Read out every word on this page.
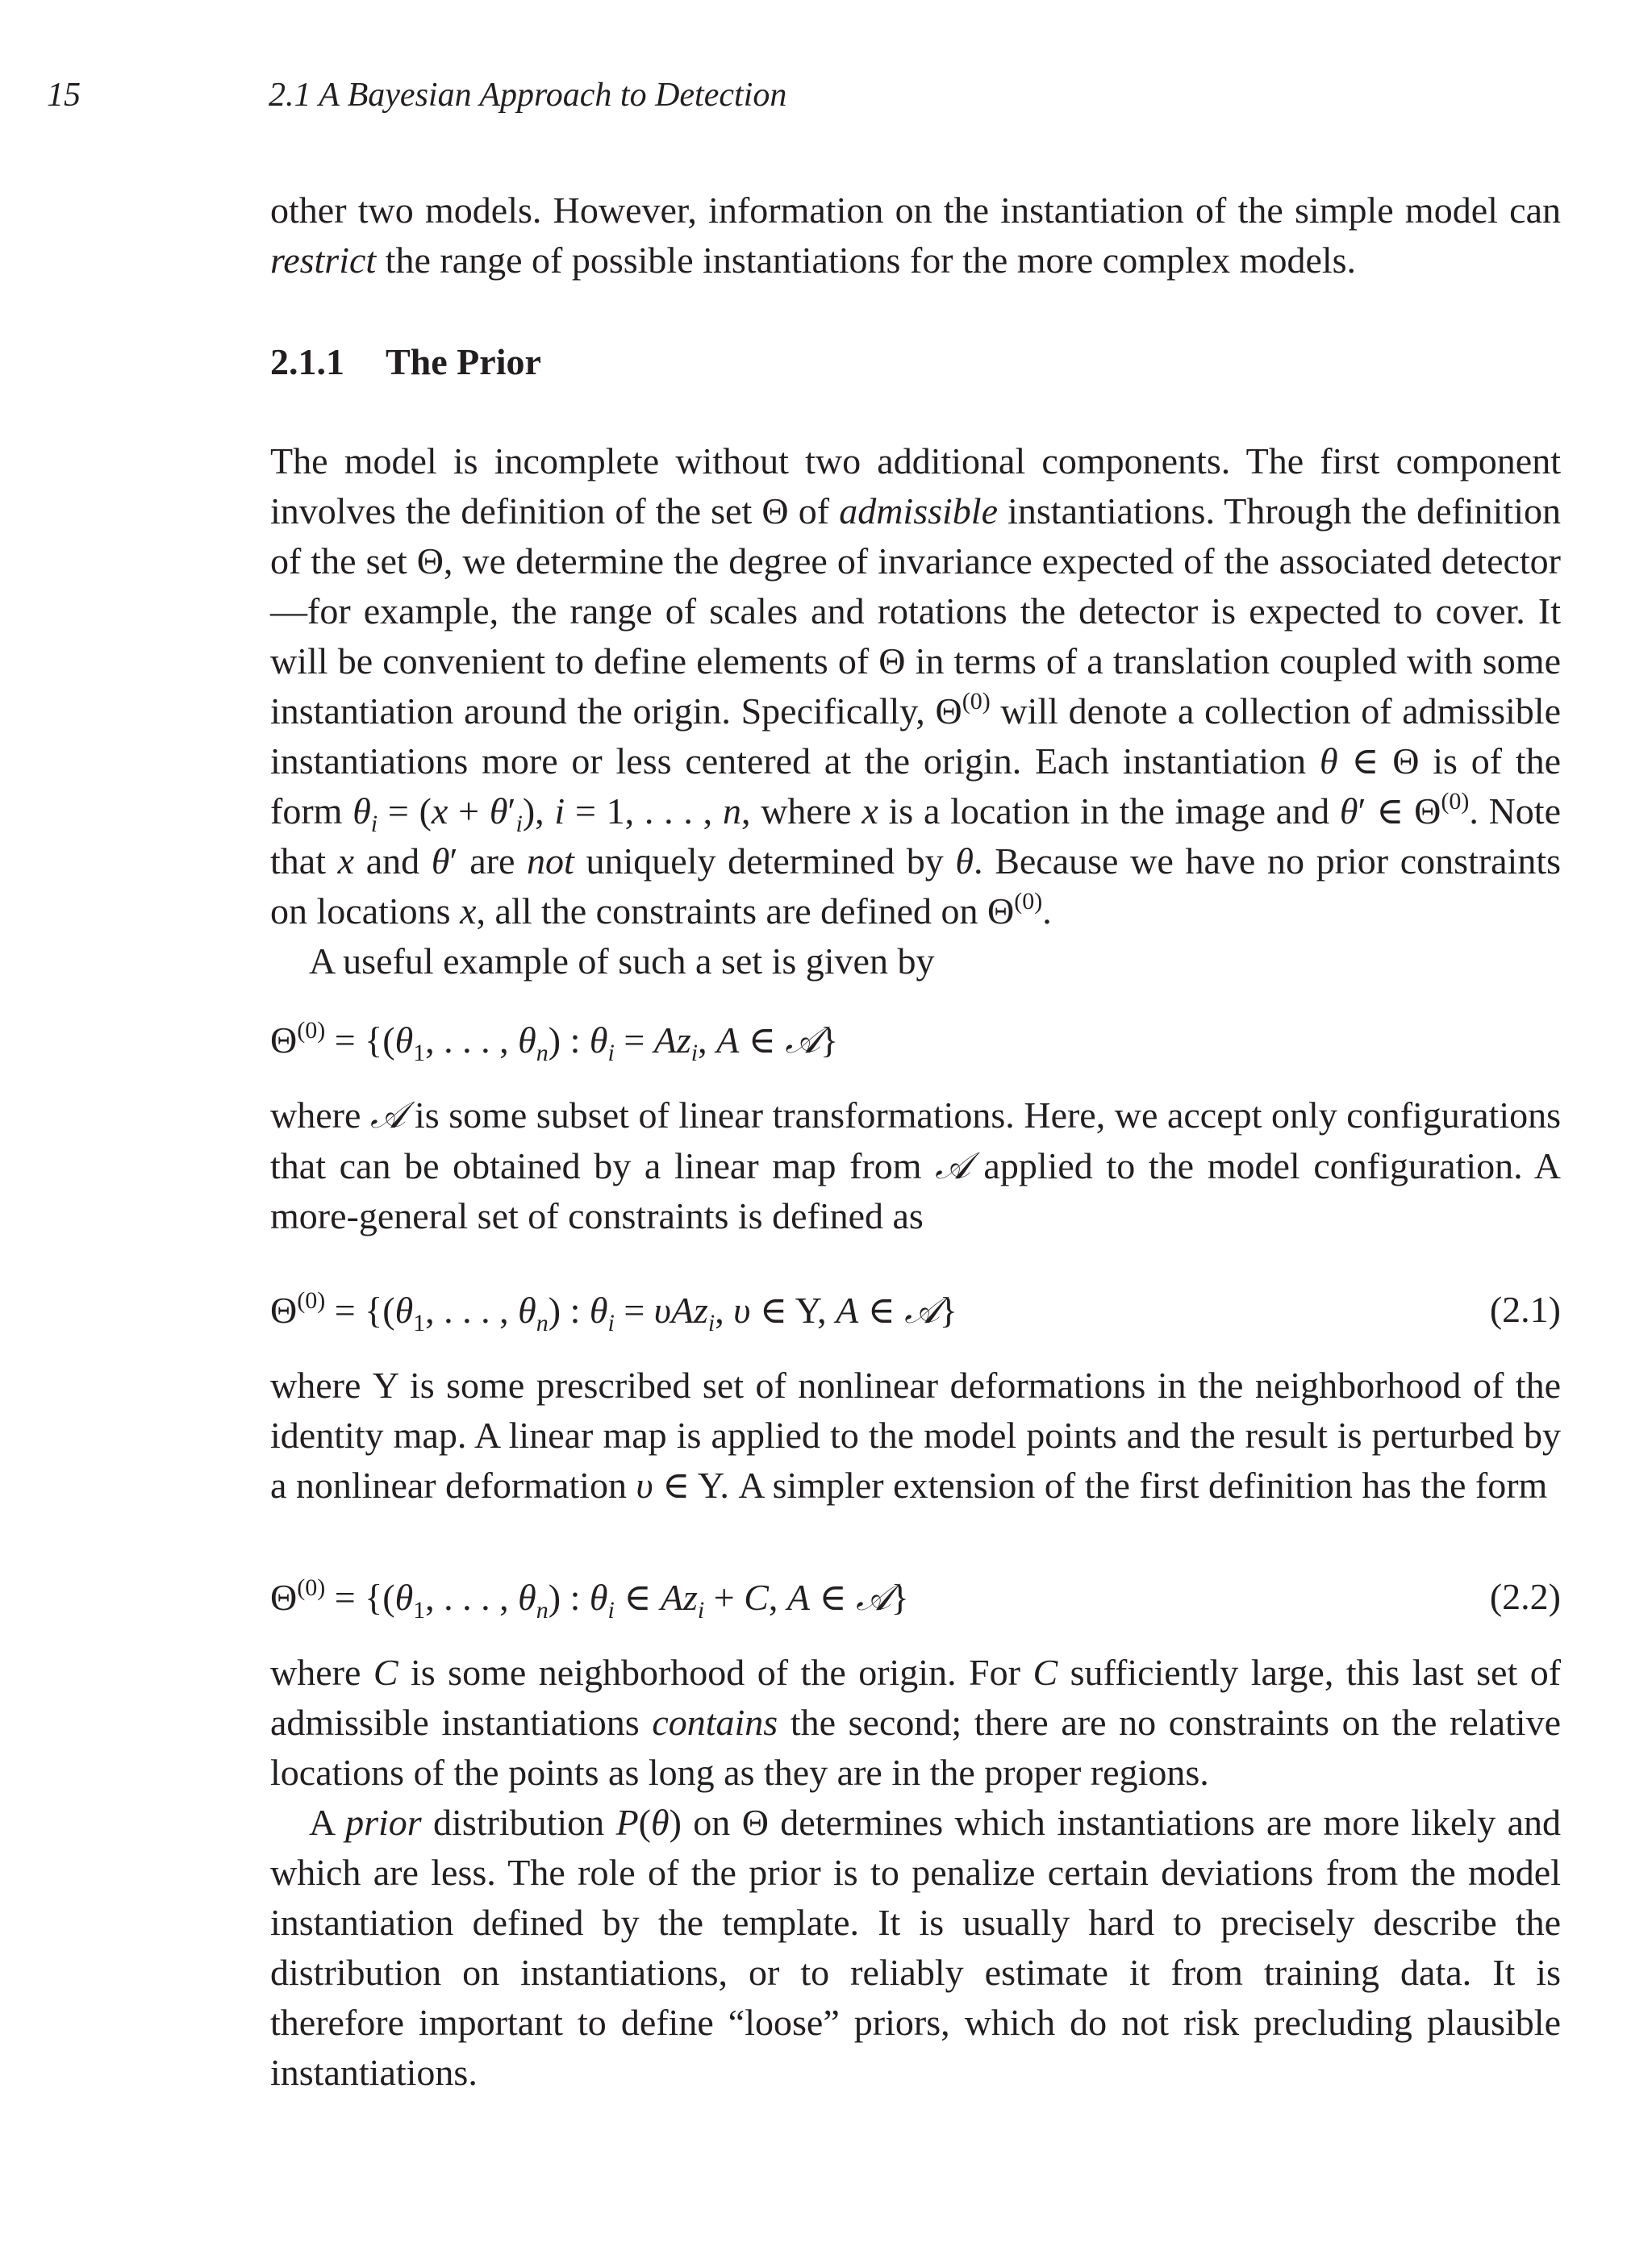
15	2.1 A Bayesian Approach to Detection

other two models. However, information on the instantiation of the simple model can restrict the range of possible instantiations for the more complex models.

2.1.1 The Prior

The model is incomplete without two additional components. The first component involves the definition of the set Θ of admissible instantiations. Through the definition of the set Θ, we determine the degree of invariance expected of the associated detector—for example, the range of scales and rotations the detector is expected to cover. It will be convenient to define elements of Θ in terms of a translation coupled with some instantiation around the origin. Specifically, $\Theta^{(0)}$ will denote a collection of admissible instantiations more or less centered at the origin. Each instantiation θ ∈ Θ is of the form $\theta_i = (x + \theta'_i)$, i = 1, . . . , n, where x is a location in the image and θ′ ∈ $\Theta^{(0)}$. Note that x and θ′ are not uniquely determined by θ. Because we have no prior constraints on locations x, all the constraints are defined on $\Theta^{(0)}$.

A useful example of such a set is given by

$\Theta^{(0)} = \{(\theta_1$, . . . , $\theta_n$) : $\theta_i = Az_i$, A ∈ 𝒜}

where 𝒜 is some subset of linear transformations. Here, we accept only configurations that can be obtained by a linear map from 𝒜 applied to the model configuration. A more-general set of constraints is defined as

$\Theta^{(0)} = \{(\theta_1$, . . . , $\theta_n$) : $\theta_i = \upsilon Az_i$, υ ∈ Υ, A ∈ 𝒜}	(2.1)

where Υ is some prescribed set of nonlinear deformations in the neighborhood of the identity map. A linear map is applied to the model points and the result is perturbed by a nonlinear deformation υ ∈ Υ. A simpler extension of the first definition has the form

$\Theta^{(0)} = \{(\theta_1$, . . . , $\theta_n$) : $\theta_i$ ∈ $Az_i + C$, A ∈ 𝒜}	(2.2)

where C is some neighborhood of the origin. For C sufficiently large, this last set of admissible instantiations contains the second; there are no constraints on the relative locations of the points as long as they are in the proper regions.

A prior distribution P(θ) on Θ determines which instantiations are more likely and which are less. The role of the prior is to penalize certain deviations from the model instantiation defined by the template. It is usually hard to precisely describe the distribution on instantiations, or to reliably estimate it from training data. It is therefore important to define “loose” priors, which do not risk precluding plausible instantiations.
